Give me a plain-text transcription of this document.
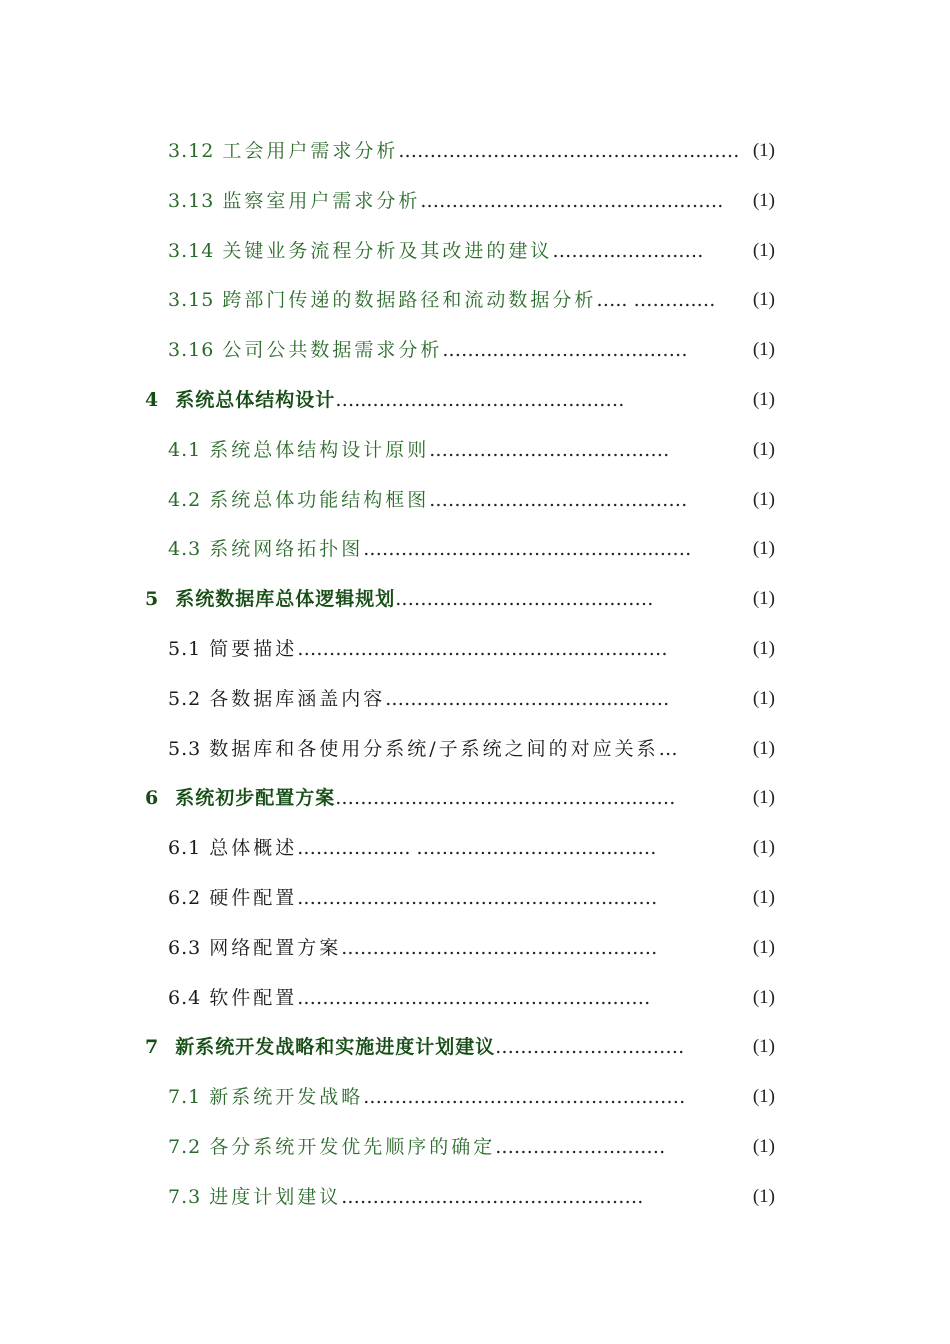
3.12 工会用户需求分析 .……………………………….……….…… (1)
3.13 监察室用户需求分析 .…………………………….…….……	(1)
3.14 关键业务流程分析及其改进的建议 ………..……….…	(1)
3.15 跨部门传递的数据路径和流动数据分析 ….. ……….…	(1)
3.16 公司公共数据需求分析 .……..…………….……..……	(1)
4 系统总体结构设计 …...………..…………………..……	(1)
4.1 系统总体结构设计原则 .…………….…………………	(1)
4.2 系统总体功能结构框图 .……………..……………..……	(1)
4.3 系统网络拓扑图 .………………………….…………..……	(1)
5 系统数据库总体逻辑规划 .………..…………………..……	(1)
5.1 简要描述 ……………...…..…………..……..……..……	(1)
5.2 各数据库涵盖内容 .……………………………..………	(1)
5.3 数据库和各使用分系统/子系统之间的对应关系 …	(1)
6 系统初步配置方案 .…………...…………………………..……	(1)
6.1 总体概述 .…………….. …………………………..……	(1)
6.2 硬件配置 .…………………………………………..……	(1)
6.3 网络配置方案 .…………………………………….……	(1)
6.4 软件配置 .……………….….……………………..……	(1)
7 新系统开发战略和实施进度计划建议 .…………………..……	(1)
7.1 新系统开发战略 .……………………………………..……	(1)
7.2 各分系统开发优先顺序的确定 .………………..……	(1)
7.3 进度计划建议 .…………...……………………..……	(1)
